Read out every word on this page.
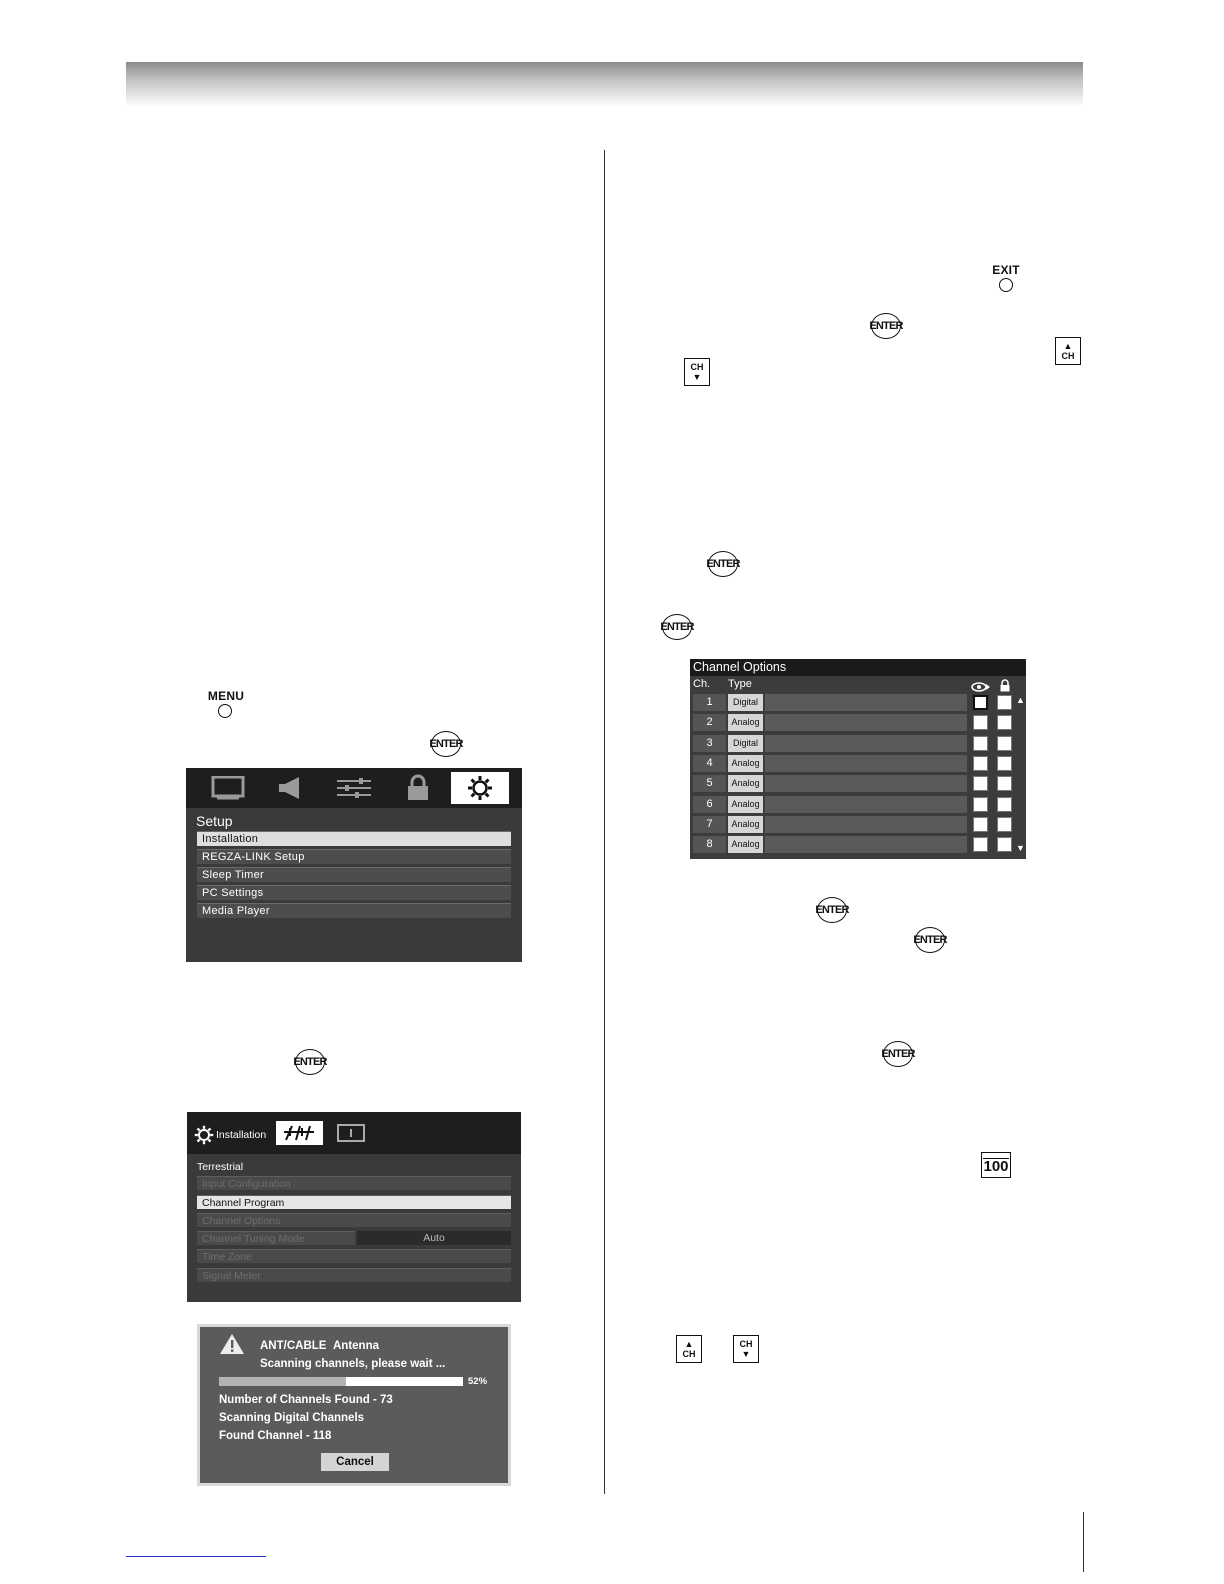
MENU
ENTER
Setup
Installation
REGZA-LINK Setup
Sleep Timer
PC Settings
Media Player
ENTER
Installation
Terrestrial
Input Configuration
Channel Program
Channel Options
Channel Tuning Mode	Auto
Time Zone
Signal Meter
ANT/CABLE Antenna
Scanning channels, please wait ...
52%
Number of Channels Found - 73
Scanning Digital Channels
Found Channel - 118
Cancel
EXIT
ENTER
▲
CH
CH
▼
ENTER
ENTER
Channel Options
Ch. Type
▲
▼
1	Digital
2	Analog
3	Digital
4	Analog
5	Analog
6	Analog
7	Analog
8	Analog
ENTER
ENTER
ENTER
100
▲
CH
CH
▼
